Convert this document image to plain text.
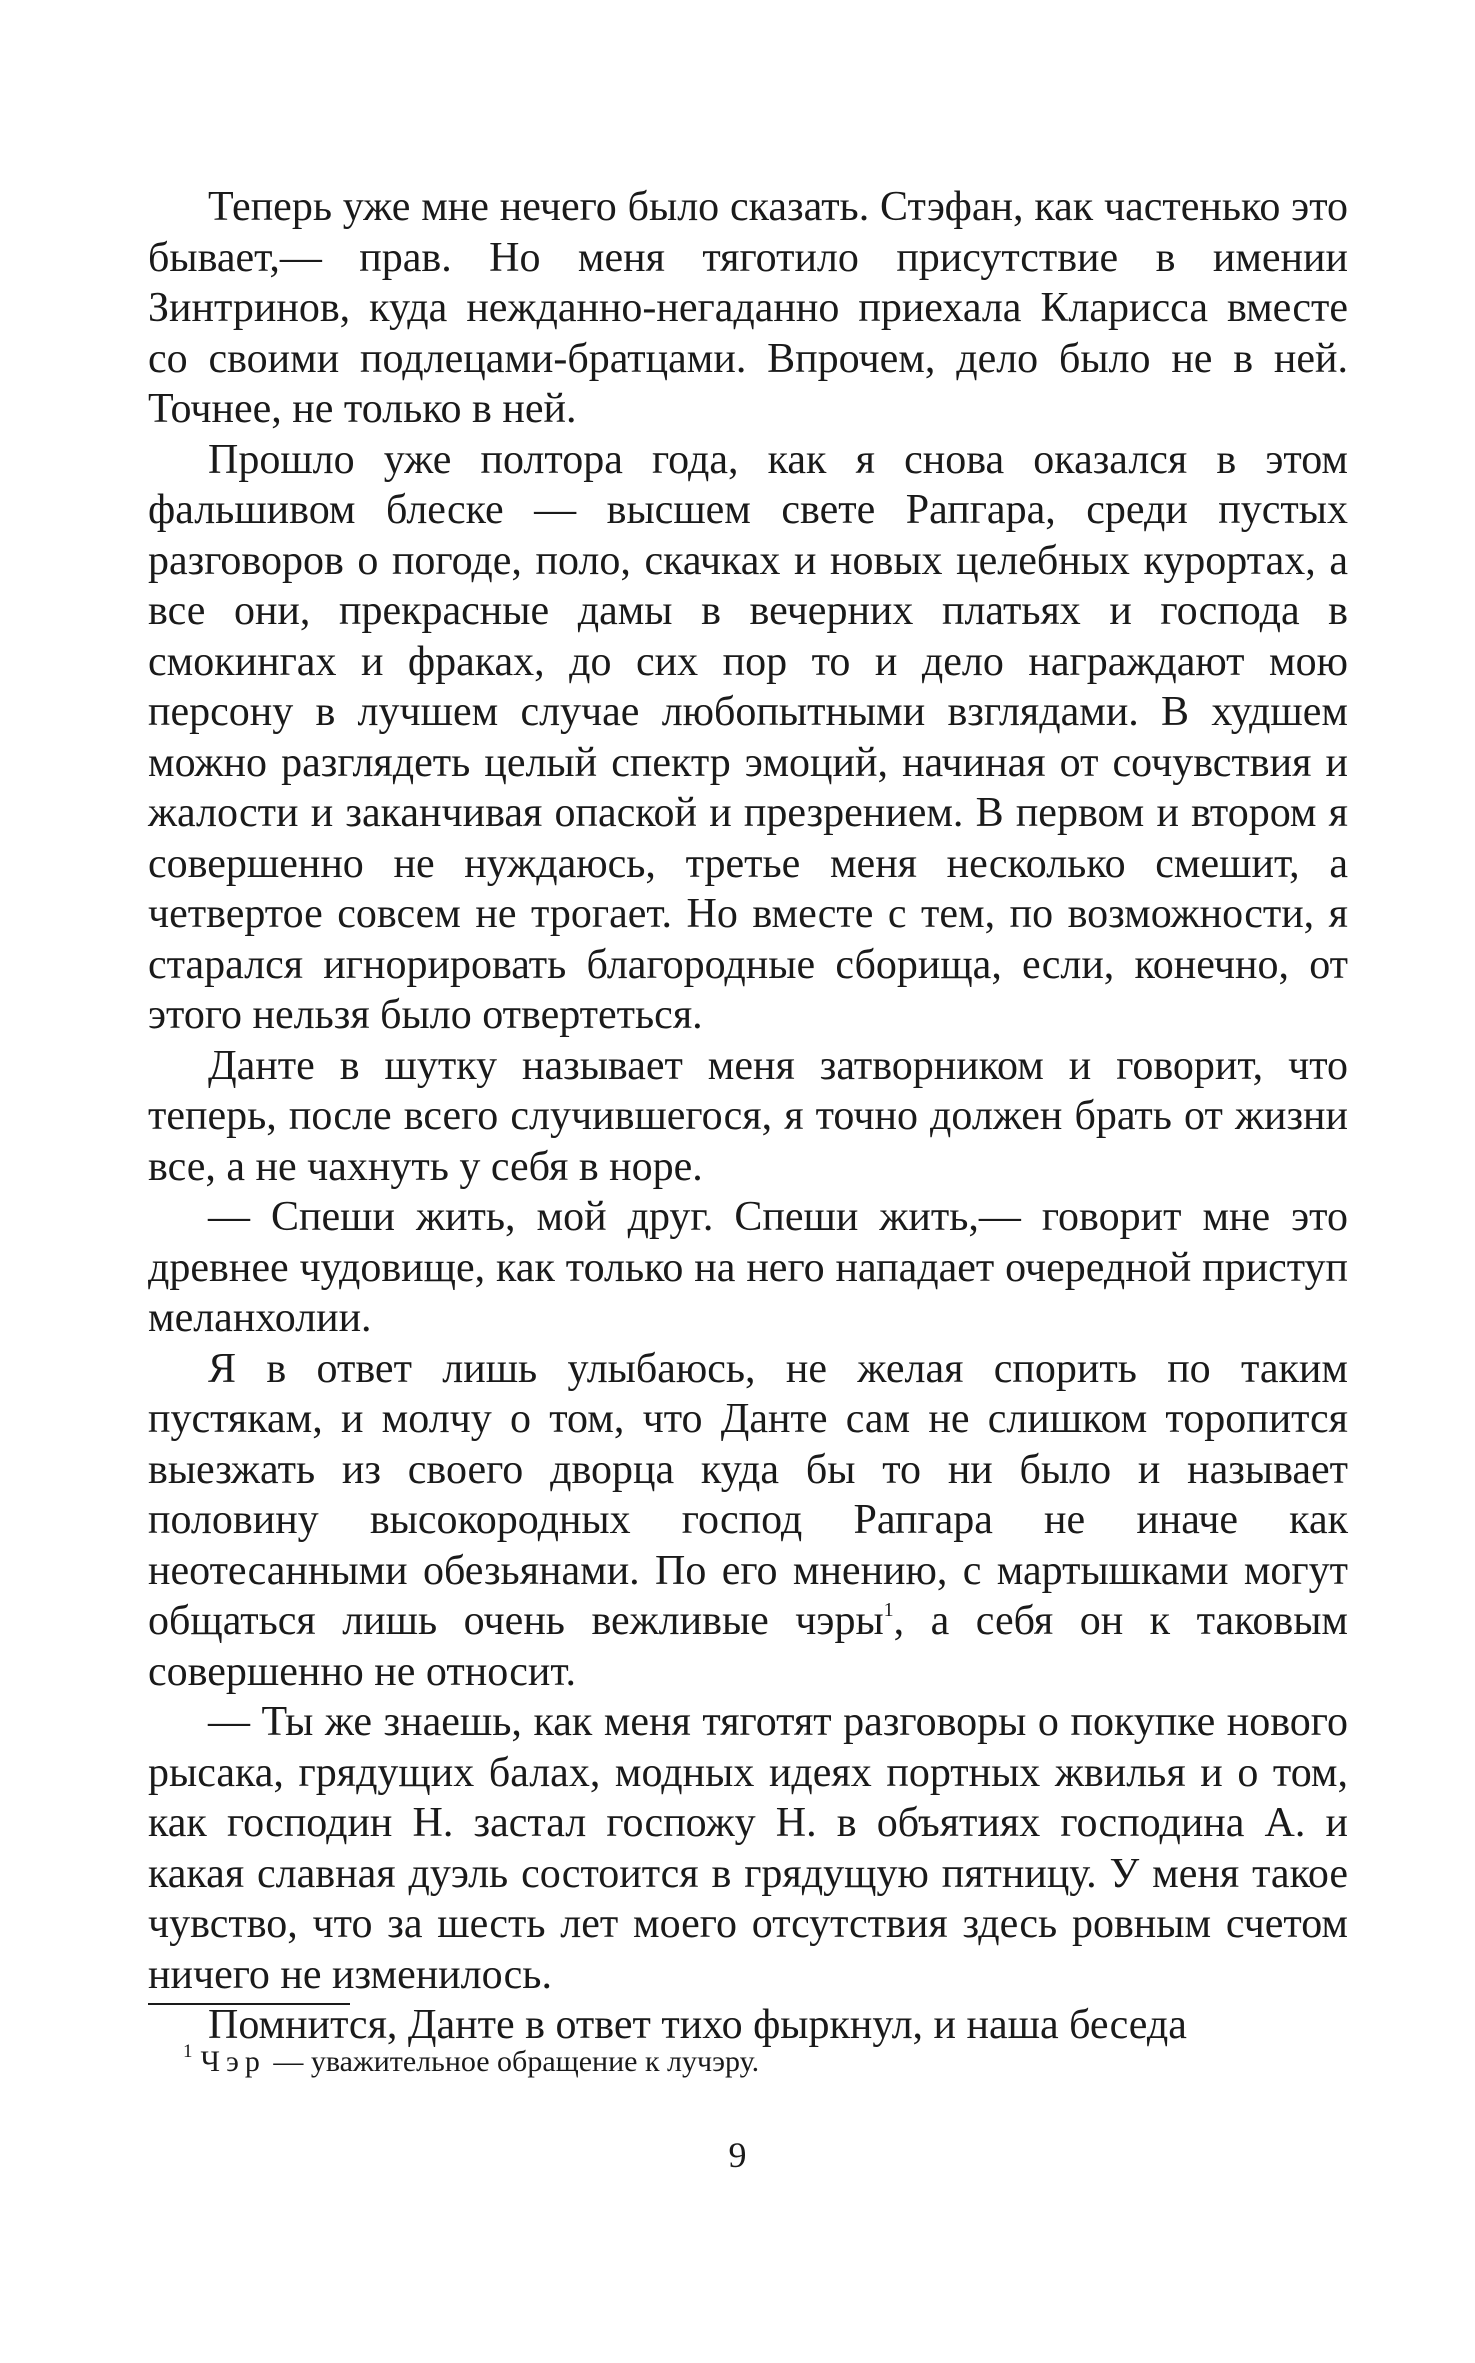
Теперь уже мне нечего было сказать. Стэфан, как частенько это бывает,— прав. Но меня тяготило присутствие в имении Зинтринов, куда нежданно-негаданно приехала Кларисса вместе со своими подлецами-братцами. Впрочем, дело было не в ней. Точнее, не только в ней.

Прошло уже полтора года, как я снова оказался в этом фальшивом блеске — высшем свете Рапгара, среди пустых разговоров о погоде, поло, скачках и новых целебных курортах, а все они, прекрасные дамы в вечерних платьях и господа в смокингах и фраках, до сих пор то и дело награждают мою персону в лучшем случае любопытными взглядами. В худшем можно разглядеть целый спектр эмоций, начиная от сочувствия и жалости и заканчивая опаской и презрением. В первом и втором я совершенно не нуждаюсь, третье меня несколько смешит, а четвертое совсем не трогает. Но вместе с тем, по возможности, я старался игнорировать благородные сборища, если, конечно, от этого нельзя было отвертеться.

Данте в шутку называет меня затворником и говорит, что теперь, после всего случившегося, я точно должен брать от жизни все, а не чахнуть у себя в норе.

— Спеши жить, мой друг. Спеши жить,— говорит мне это древнее чудовище, как только на него нападает очередной приступ меланхолии.

Я в ответ лишь улыбаюсь, не желая спорить по таким пустякам, и молчу о том, что Данте сам не слишком торопится выезжать из своего дворца куда бы то ни было и называет половину высокородных господ Рапгара не иначе как неотесанными обезьянами. По его мнению, с мартышками могут общаться лишь очень вежливые чэры$^1$, а себя он к таковым совершенно не относит.

— Ты же знаешь, как меня тяготят разговоры о покупке нового рысака, грядущих балах, модных идеях портных жвилья и о том, как господин Н. застал госпожу Н. в объятиях господина А. и какая славная дуэль состоится в грядущую пятницу. У меня такое чувство, что за шесть лет моего отсутствия здесь ровным счетом ничего не изменилось.

Помнится, Данте в ответ тихо фыркнул, и наша беседа

$^1$ Чэр — уважительное обращение к лучэру.
9
